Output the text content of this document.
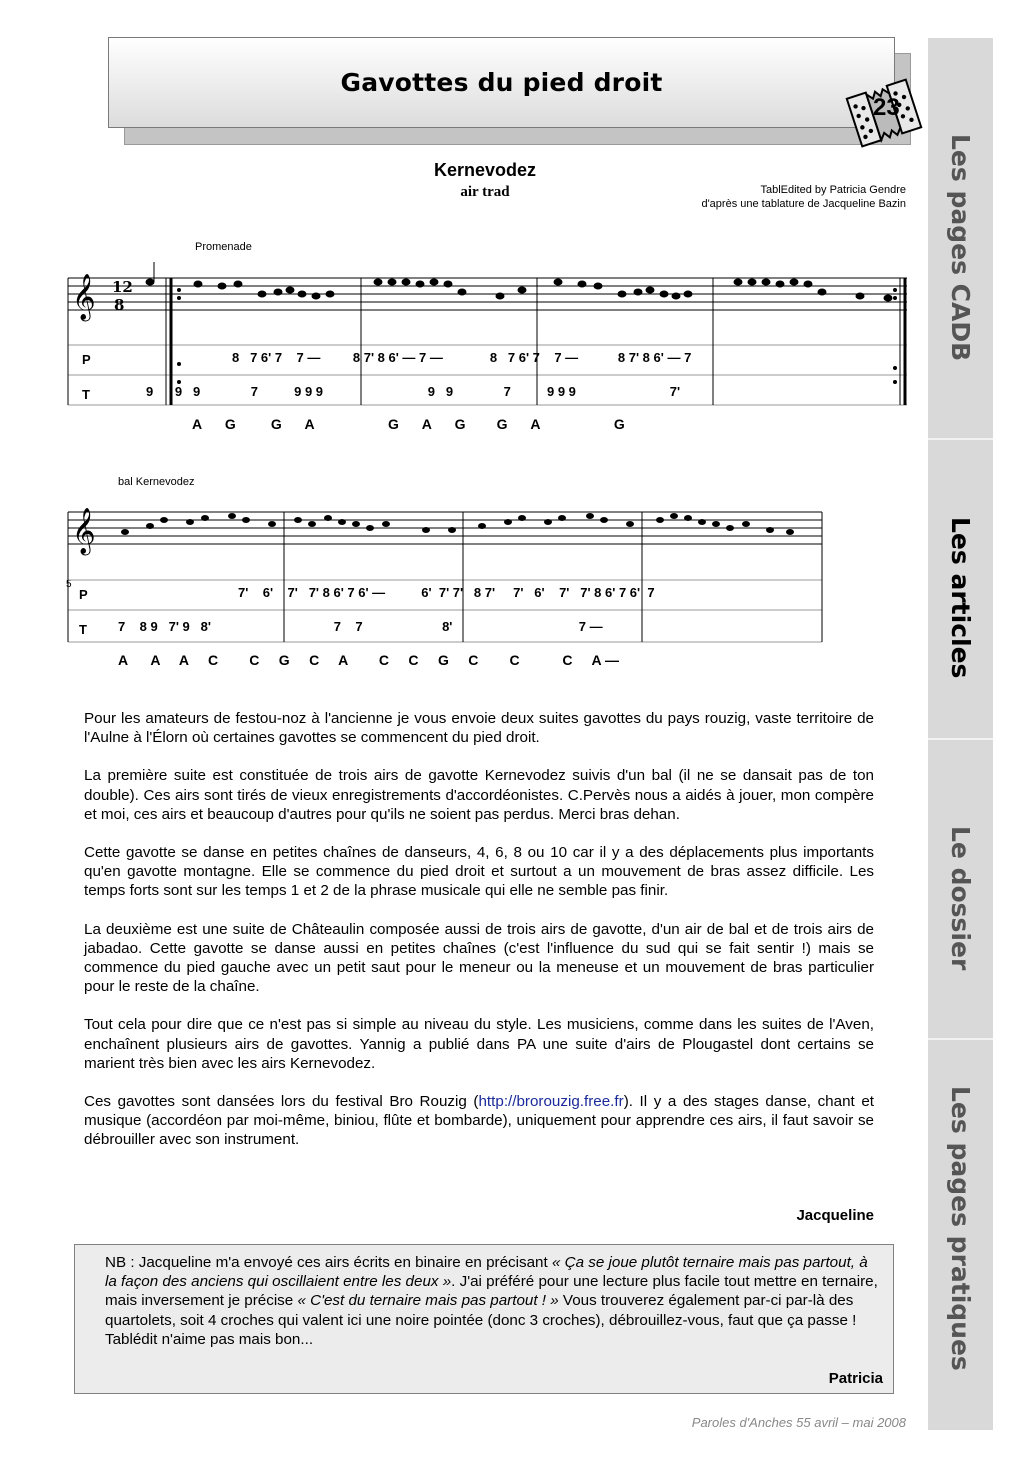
Gavottes du pied droit
23
Les pages CADB
Les articles
Le dossier
Les pages pratiques
Kernevodez
air trad	TablEdited by Patricia Gendre
d'après une tablature de Jacqueline Bazin
Promenade
𝄞 12
8
P
T
8   7 6' 7    7 —         8 7' 8 6' — 7 —             8   7 6' 7    7 —           8 7' 8 6' — 7
9      9   9              7          9 9 9                             9   9              7          9 9 9                          7'
A      G         G      A                   G      A      G        G      A                   G
bal Kernevodez
5
𝄞
P
T
7'    6'    7'   7' 8 6' 7 6' —          6'  7' 7'   8 7'     7'   6'    7'   7' 8 6' 7 6'  7
7    8 9   7' 9   8'                                  7    7                      8'                                   7 —
A      A     A     C        C     G     C     A        C     C     G     C        C           C     A —

Pour les amateurs de festou-noz à l'ancienne je vous envoie deux suites gavottes du pays rouzig, vaste territoire de l'Aulne à l'Élorn où certaines gavottes se commencent du pied droit.

La première suite est constituée de trois airs de gavotte Kernevodez suivis d'un bal (il ne se dansait pas de ton double). Ces airs sont tirés de vieux enregistrements d'accordéonistes. C.Pervès nous a aidés à jouer, mon compère et moi, ces airs et beaucoup d'autres pour qu'ils ne soient pas perdus. Merci bras dehan.

Cette gavotte se danse en petites chaînes de danseurs, 4, 6, 8 ou 10 car il y a des déplacements plus importants qu'en gavotte montagne. Elle se commence du pied droit et surtout a un mouvement de bras assez difficile. Les temps forts sont sur les temps 1 et 2 de la phrase musicale qui elle ne semble pas finir.

La deuxième est une suite de Châteaulin composée aussi de trois airs de gavotte, d'un air de bal et de trois airs de jabadao. Cette gavotte se danse aussi en petites chaînes (c'est l'influence du sud qui se fait sentir !) mais se commence du pied gauche avec un petit saut pour le meneur ou la meneuse et un mouvement de bras particulier pour le reste de la chaîne.

Tout cela pour dire que ce n'est pas si simple au niveau du style. Les musiciens, comme dans les suites de l'Aven, enchaînent plusieurs airs de gavottes. Yannig a publié dans PA une suite d'airs de Plougastel dont certains se marient très bien avec les airs Kernevodez.

Ces gavottes sont dansées lors du festival Bro Rouzig (http://brorouzig.free.fr). Il y a des stages danse, chant et musique (accordéon par moi-même, biniou, flûte et bombarde), uniquement pour apprendre ces airs, il faut savoir se débrouiller avec son instrument.

Jacqueline
NB : Jacqueline m'a envoyé ces airs écrits en binaire en précisant « Ça se joue plutôt ternaire mais pas partout, à la façon des anciens qui oscillaient entre les deux ». J'ai préféré pour une lecture plus facile tout mettre en ternaire, mais inversement je précise « C'est du ternaire mais pas partout ! » Vous trouverez également par-ci par-là des quartolets, soit 4 croches qui valent ici une noire pointée (donc 3 croches), débrouillez-vous, faut que ça passe ! Tablédit n'aime pas mais bon...
Patricia
Paroles d'Anches 55 avril – mai 2008
